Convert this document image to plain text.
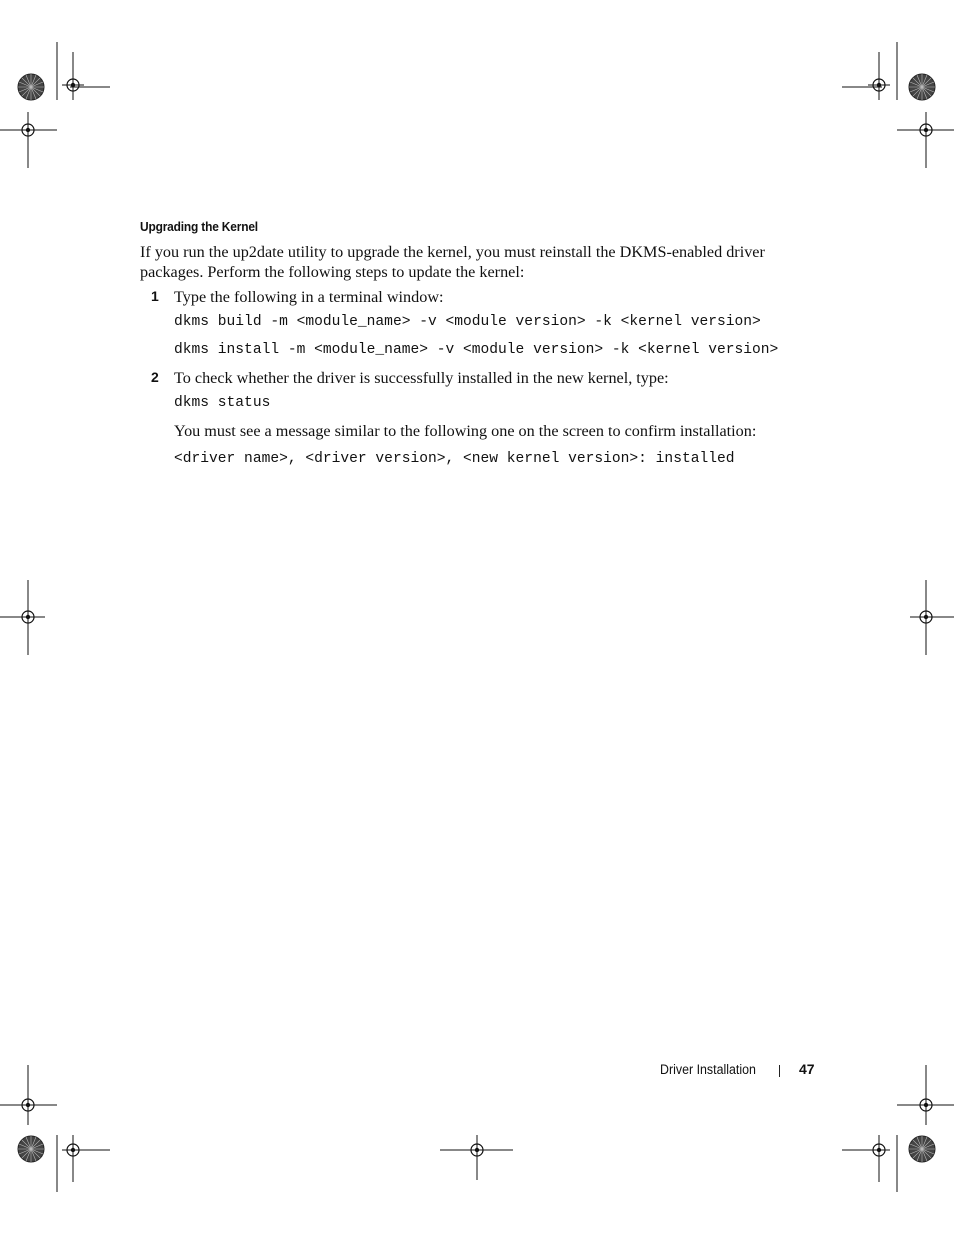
Upgrading the Kernel
If you run the up2date utility to upgrade the kernel, you must reinstall the DKMS-enabled driver packages. Perform the following steps to update the kernel:
1 Type the following in a terminal window:
dkms build -m <module_name> -v <module version> -k <kernel version>
dkms install -m <module_name> -v <module version> -k <kernel version>
2 To check whether the driver is successfully installed in the new kernel, type:
dkms status
You must see a message similar to the following one on the screen to confirm installation:
<driver name>, <driver version>, <new kernel version>: installed
Driver Installation	47
